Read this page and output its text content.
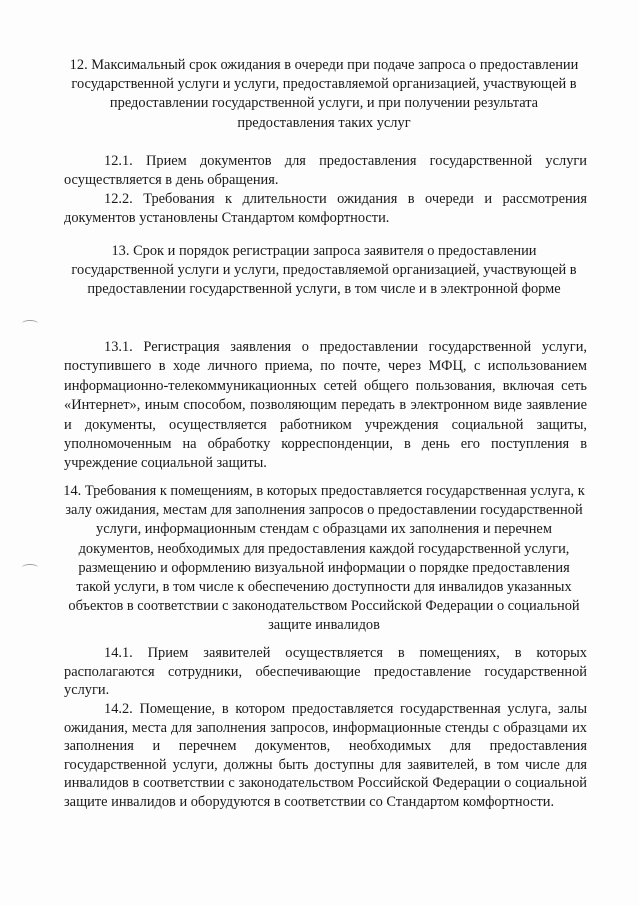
12. Максимальный срок ожидания в очереди при подаче запроса о предоставлении государственной услуги и услуги, предоставляемой организацией, участвующей в предоставлении государственной услуги, и при получении результата предоставления таких услуг

12.1. Прием документов для предоставления государственной услуги осуществляется в день обращения.

12.2. Требования к длительности ожидания в очереди и рассмотрения документов установлены Стандартом комфортности.

13. Срок и порядок регистрации запроса заявителя о предоставлении государственной услуги и услуги, предоставляемой организацией, участвующей в предоставлении государственной услуги, в том числе и в электронной форме

13.1. Регистрация заявления о предоставлении государственной услуги, поступившего в ходе личного приема, по почте, через МФЦ, с использованием информационно-телекоммуникационных сетей общего пользования, включая сеть «Интернет», иным способом, позволяющим передать в электронном виде заявление и документы, осуществляется работником учреждения социальной защиты, уполномоченным на обработку корреспонденции, в день его поступления в учреждение социальной защиты.

14. Требования к помещениям, в которых предоставляется государственная услуга, к залу ожидания, местам для заполнения запросов о предоставлении государственной услуги, информационным стендам с образцами их заполнения и перечнем документов, необходимых для предоставления каждой государственной услуги, размещению и оформлению визуальной информации о порядке предоставления такой услуги, в том числе к обеспечению доступности для инвалидов указанных объектов в соответствии с законодательством Российской Федерации о социальной защите инвалидов

14.1. Прием заявителей осуществляется в помещениях, в которых располагаются сотрудники, обеспечивающие предоставление государственной услуги.

14.2. Помещение, в котором предоставляется государственная услуга, залы ожидания, места для заполнения запросов, информационные стенды с образцами их заполнения и перечнем документов, необходимых для предоставления государственной услуги, должны быть доступны для заявителей, в том числе для инвалидов в соответствии с законодательством Российской Федерации о социальной защите инвалидов и оборудуются в соответствии со Стандартом комфортности.
